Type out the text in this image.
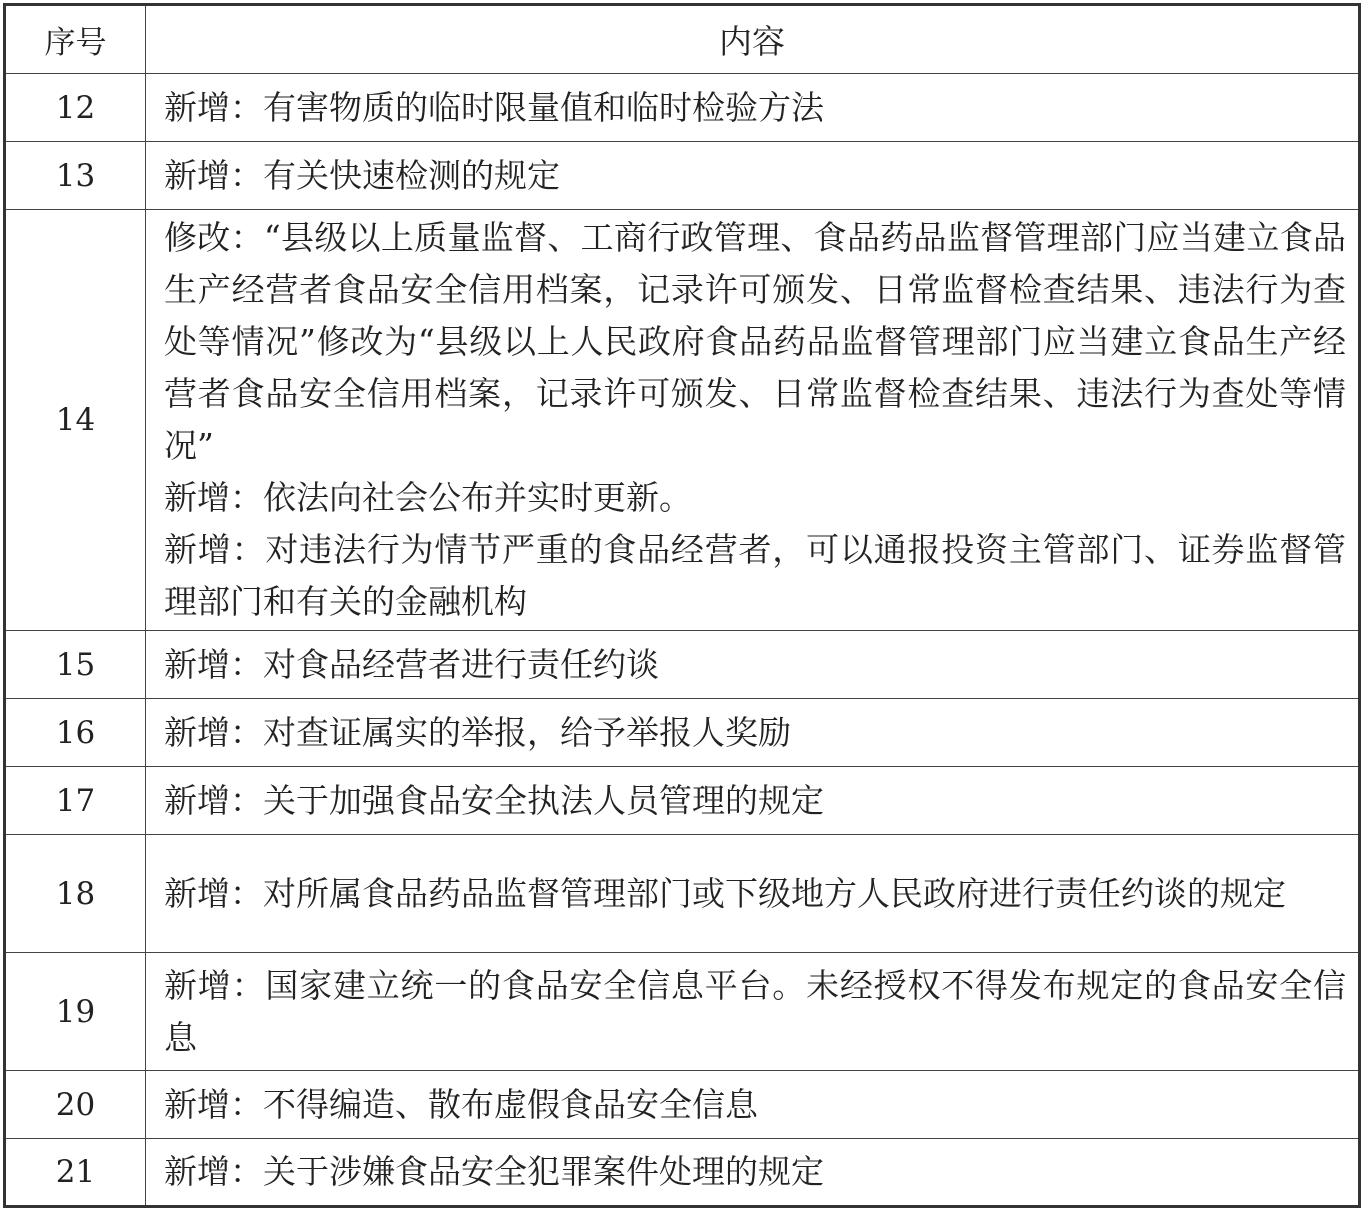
序号	内容
12	新增：有害物质的临时限量值和临时检验方法

13	新增：有关快速检测的规定

14	修改：“县级以上质量监督、工商行政管理、食品药品监督管理部门应当建立食品生产经营者食品安全信用档案，记录许可颁发、日常监督检查结果、违法行为查处等情况”修改为“县级以上人民政府食品药品监督管理部门应当建立食品生产经营者食品安全信用档案，记录许可颁发、日常监督检查结果、违法行为查处等情况”
新增：依法向社会公布并实时更新。
新增：对违法行为情节严重的食品经营者，可以通报投资主管部门、证券监督管理部门和有关的金融机构

15	新增：对食品经营者进行责任约谈

16	新增：对查证属实的举报，给予举报人奖励

17	新增：关于加强食品安全执法人员管理的规定

18	新增：对所属食品药品监督管理部门或下级地方人民政府进行责任约谈的规定

19	新增：国家建立统一的食品安全信息平台。未经授权不得发布规定的食品安全信息

20	新增：不得编造、散布虚假食品安全信息

21	新增：关于涉嫌食品安全犯罪案件处理的规定
